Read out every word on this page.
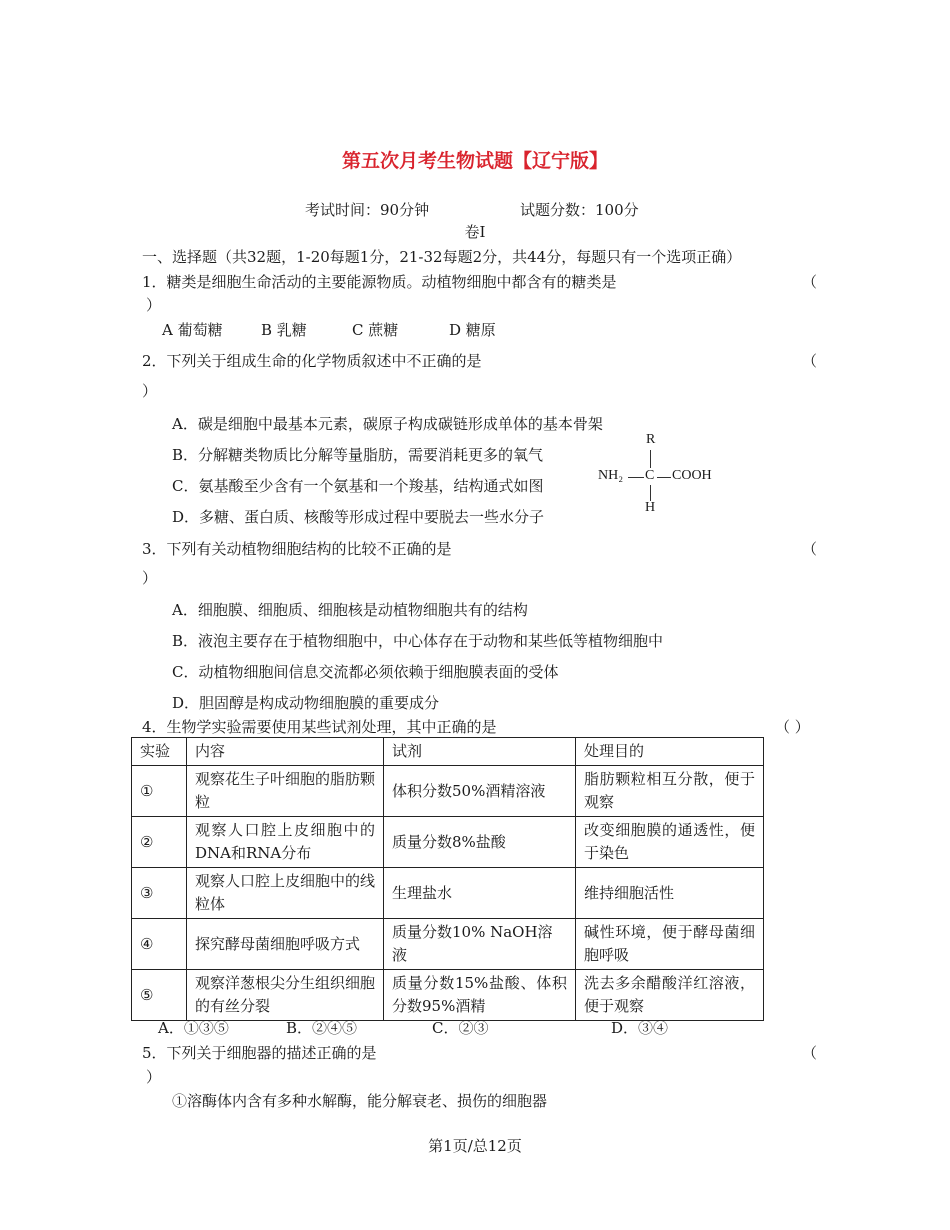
第五次月考生物试题【辽宁版】
考试时间：90分钟	试题分数：100分
卷Ⅰ
一、选择题（共32题，1-20每题1分，21-32每题2分，共44分，每题只有一个选项正确）
1．糖类是细胞生命活动的主要能源物质。动植物细胞中都含有的糖类是	（
）
A 葡萄糖	B 乳糖	C 蔗糖	D 糖原
2．下列关于组成生命的化学物质叙述中不正确的是	（
）
A．碳是细胞中最基本元素，碳原子构成碳链形成单体的基本骨架
B．分解糖类物质比分解等量脂肪，需要消耗更多的氧气
C．氨基酸至少含有一个氨基和一个羧基，结构通式如图
D．多糖、蛋白质、核酸等形成过程中要脱去一些水分子
R
NH₂ C COOH
H
3．下列有关动植物细胞结构的比较不正确的是	（
）
A．细胞膜、细胞质、细胞核是动植物细胞共有的结构
B．液泡主要存在于植物细胞中，中心体存在于动物和某些低等植物细胞中
C．动植物细胞间信息交流都必须依赖于细胞膜表面的受体
D．胆固醇是构成动物细胞膜的重要成分
4．生物学实验需要使用某些试剂处理，其中正确的是	（ ）
实验	内容	试剂	处理目的
①	观察花生子叶细胞的脂肪颗粒	体积分数50%酒精溶液	脂肪颗粒相互分散，便于观察
②	观察人口腔上皮细胞中的DNA和RNA分布	质量分数8%盐酸	改变细胞膜的通透性，便于染色
③	观察人口腔上皮细胞中的线粒体	生理盐水	维持细胞活性
④	探究酵母菌细胞呼吸方式	质量分数10% NaOH溶液	碱性环境，便于酵母菌细胞呼吸
⑤	观察洋葱根尖分生组织细胞的有丝分裂	质量分数15%盐酸、体积分数95%酒精	洗去多余醋酸洋红溶液，便于观察
A．①③⑤	B．②④⑤	C．②③	D．③④
5．下列关于细胞器的描述正确的是	（
）
①溶酶体内含有多种水解酶，能分解衰老、损伤的细胞器
第1页/总12页
